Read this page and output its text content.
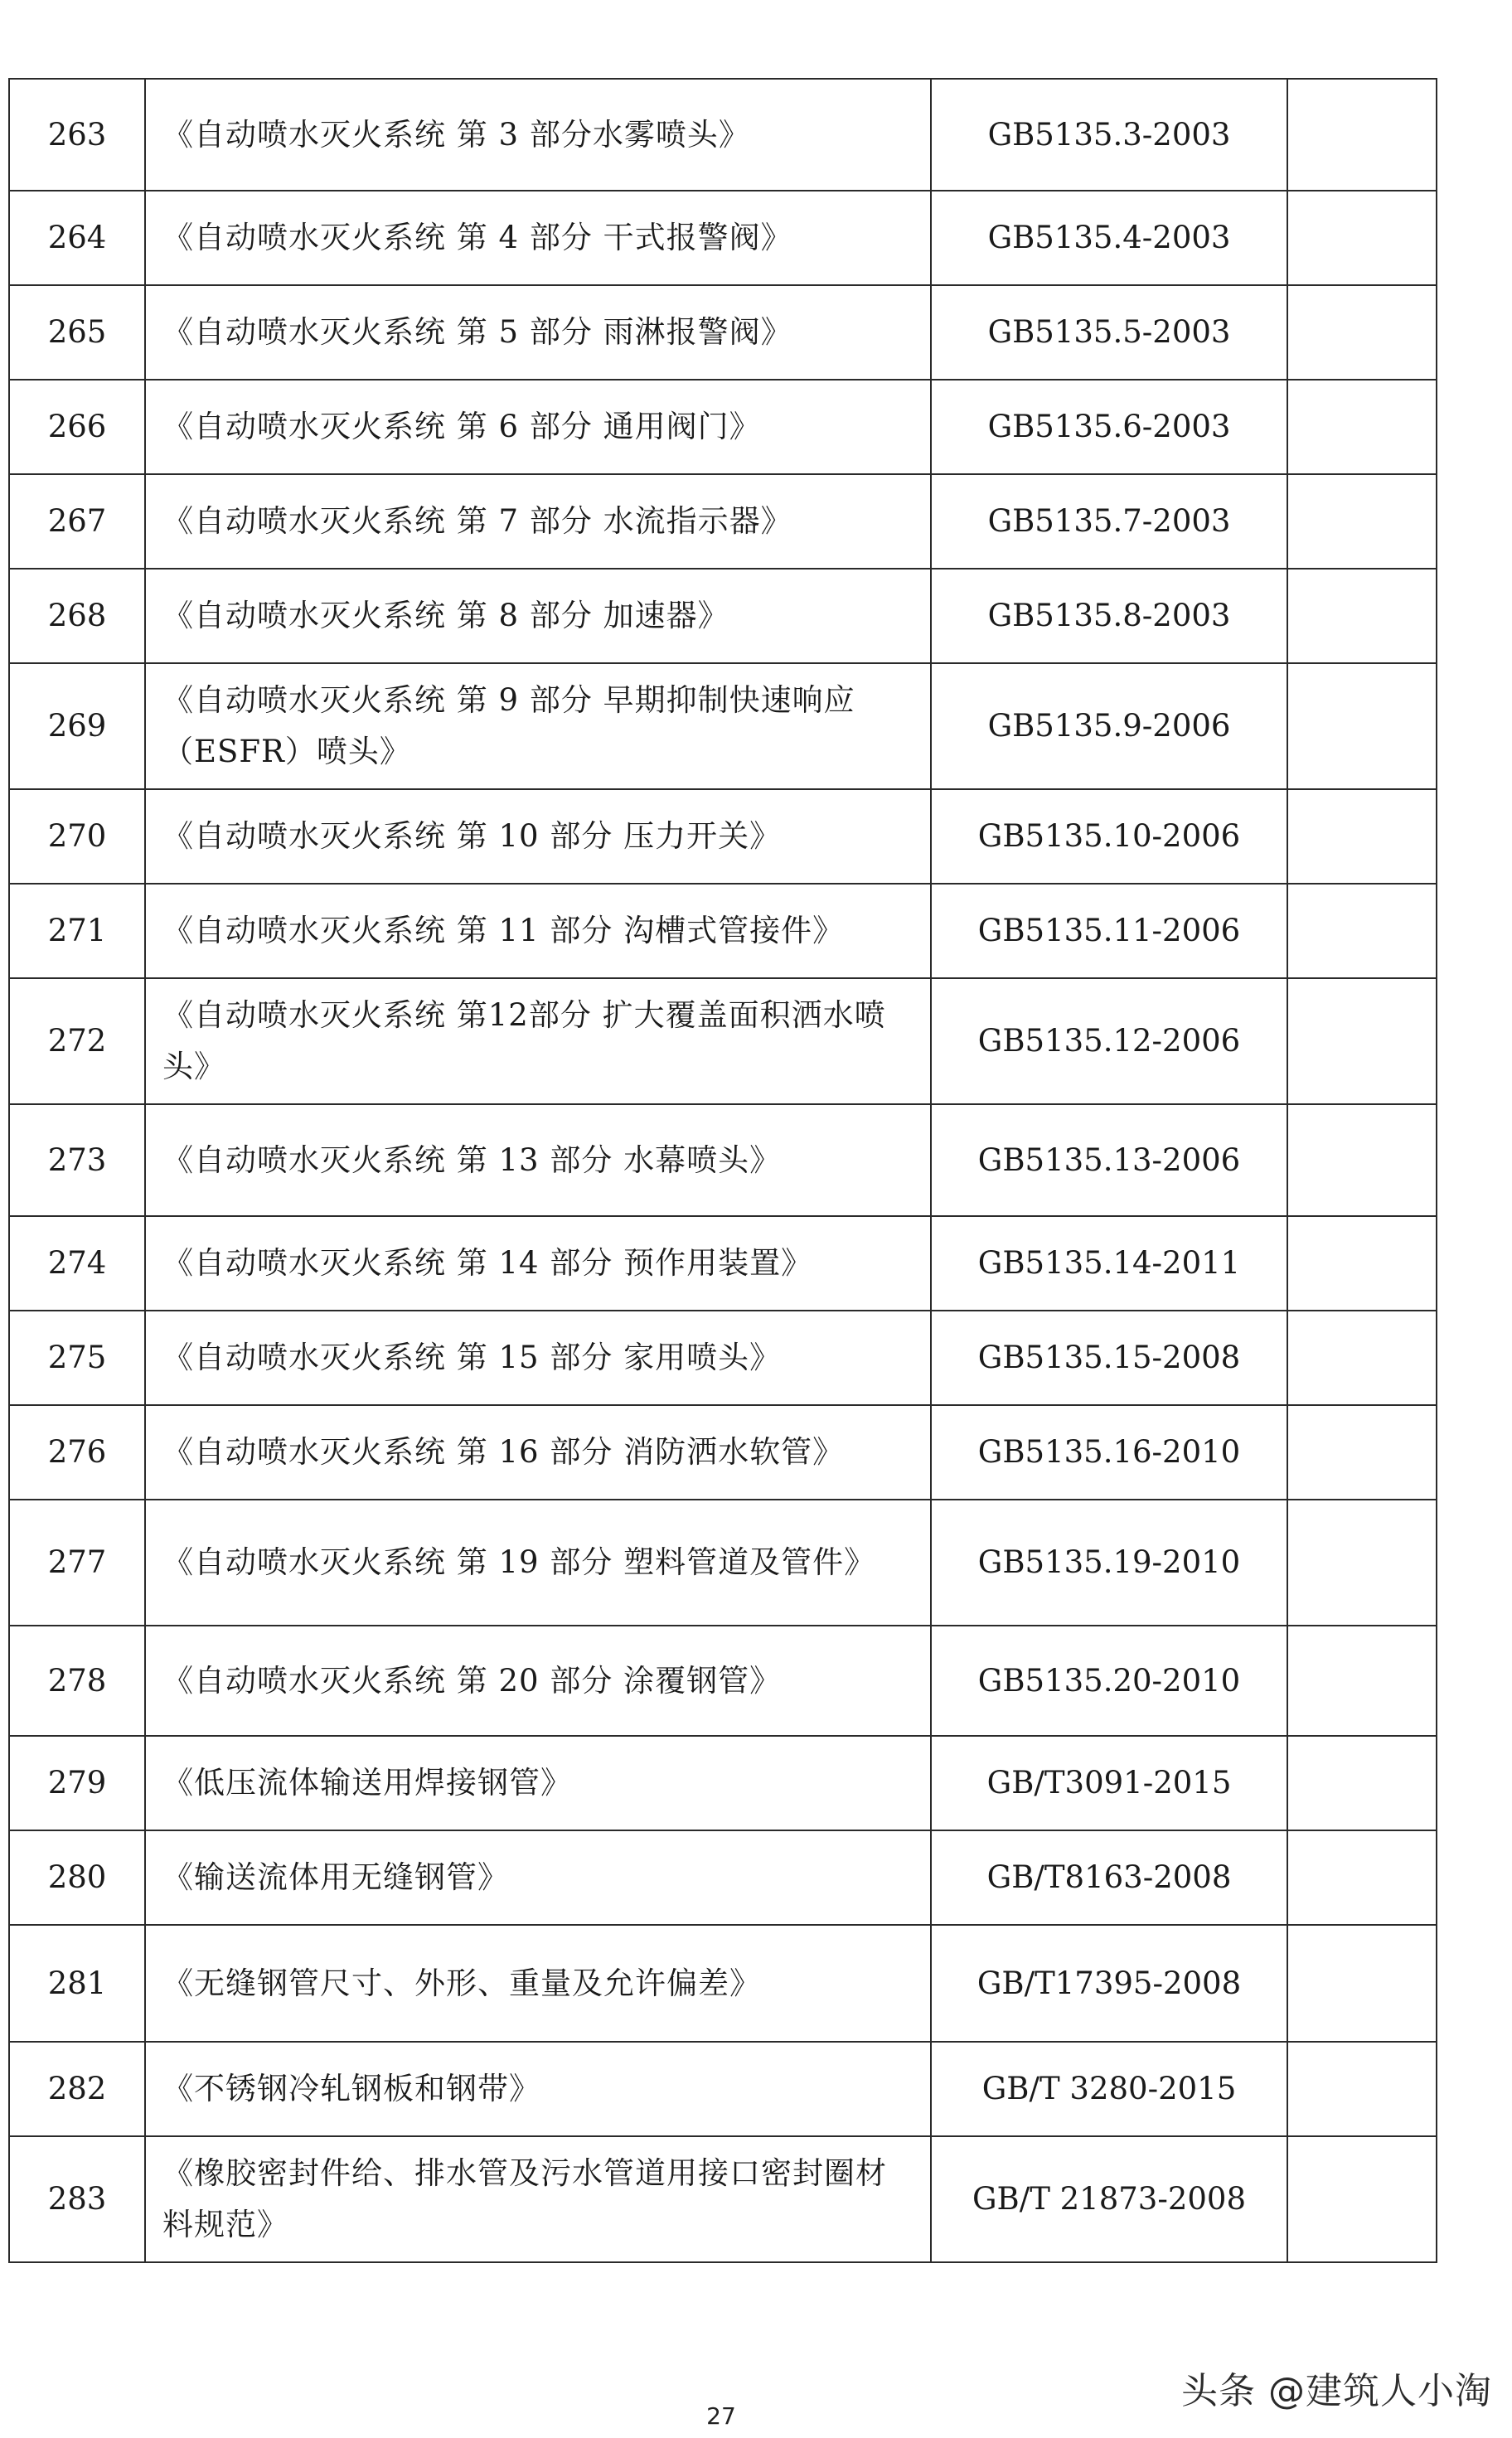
263	《自动喷水灭火系统 第 3 部分水雾喷头》	GB5135.3-2003	
264	《自动喷水灭火系统 第 4 部分 干式报警阀》	GB5135.4-2003	
265	《自动喷水灭火系统 第 5 部分 雨淋报警阀》	GB5135.5-2003	
266	《自动喷水灭火系统 第 6 部分 通用阀门》	GB5135.6-2003	
267	《自动喷水灭火系统 第 7 部分 水流指示器》	GB5135.7-2003	
268	《自动喷水灭火系统 第 8 部分 加速器》	GB5135.8-2003	
269	《自动喷水灭火系统 第 9 部分 早期抑制快速响应（ESFR）喷头》	GB5135.9-2006	
270	《自动喷水灭火系统 第 10 部分 压力开关》	GB5135.10-2006	
271	《自动喷水灭火系统 第 11 部分 沟槽式管接件》	GB5135.11-2006	
272	《自动喷水灭火系统 第12部分 扩大覆盖面积洒水喷头》	GB5135.12-2006	
273	《自动喷水灭火系统 第 13 部分 水幕喷头》	GB5135.13-2006	
274	《自动喷水灭火系统 第 14 部分 预作用装置》	GB5135.14-2011	
275	《自动喷水灭火系统 第 15 部分 家用喷头》	GB5135.15-2008	
276	《自动喷水灭火系统 第 16 部分 消防洒水软管》	GB5135.16-2010	
277	《自动喷水灭火系统 第 19 部分 塑料管道及管件》	GB5135.19-2010	
278	《自动喷水灭火系统 第 20 部分 涂覆钢管》	GB5135.20-2010	
279	《低压流体输送用焊接钢管》	GB/T3091-2015	
280	《输送流体用无缝钢管》	GB/T8163-2008	
281	《无缝钢管尺寸、外形、重量及允许偏差》	GB/T17395-2008	
282	《不锈钢冷轧钢板和钢带》	GB/T 3280-2015	
283	《橡胶密封件给、排水管及污水管道用接口密封圈材料规范》	GB/T 21873-2008	
27
头条 @建筑人小淘
